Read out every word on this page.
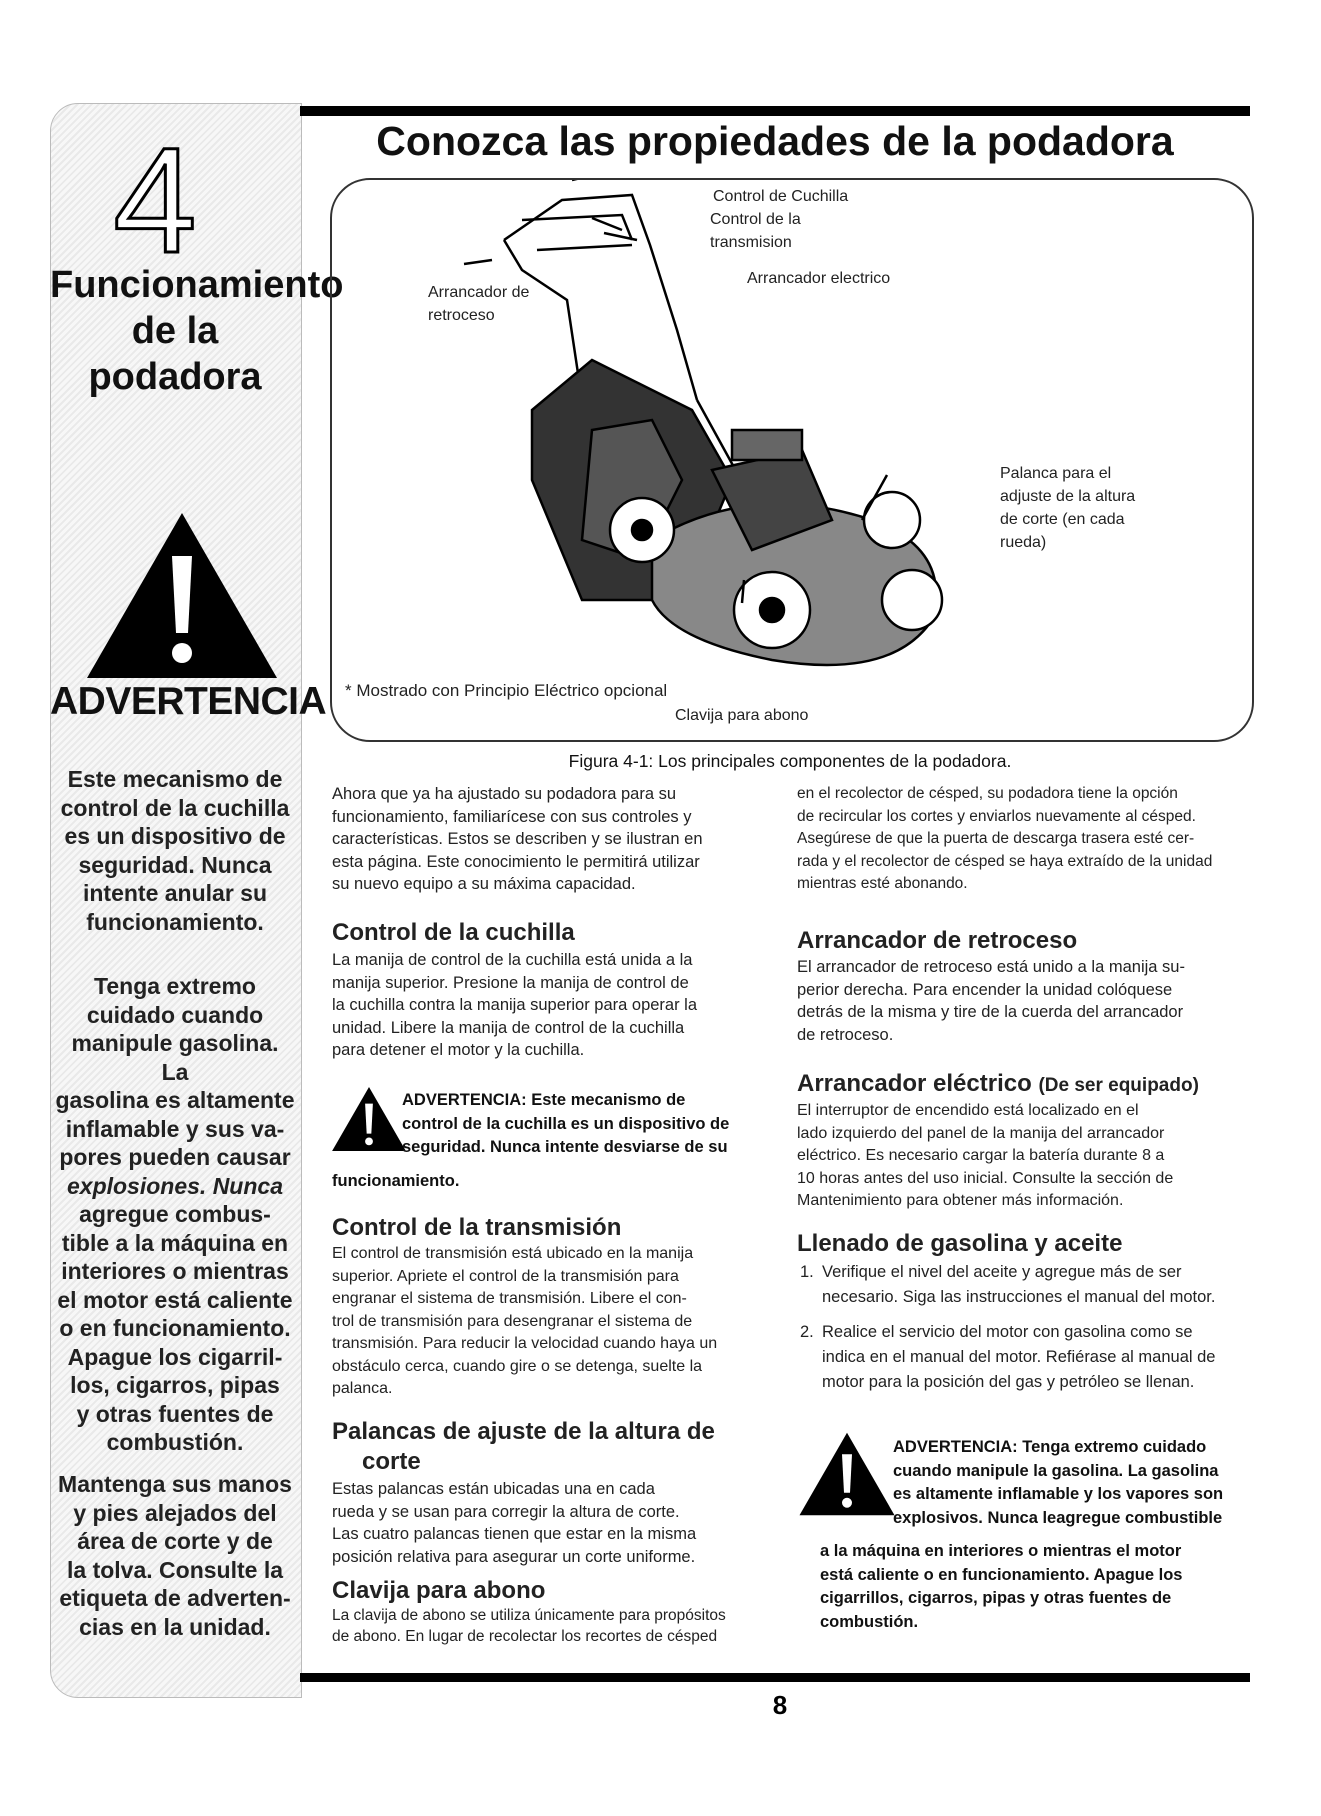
4
Funcionamiento
de la podadora
ADVERTENCIA
Este mecanismo de
control de la cuchilla
es un dispositivo de
seguridad. Nunca
intente anular su
funcionamiento.
Tenga extremo
cuidado cuando
manipule gasolina. La
gasolina es altamente
inflamable y sus va-
pores pueden causar
explosiones. Nunca
agregue combus-
tible a la máquina en
interiores o mientras
el motor está caliente
o en funcionamiento.
Apague los cigarril-
los, cigarros, pipas
y otras fuentes de
combustión.
Mantenga sus manos
y pies alejados del
área de corte y de
la tolva. Consulte la
etiqueta de adverten-
cias en la unidad.
Conozca las propiedades de la podadora
Control de Cuchilla
Control de la
transmision
Arrancador electrico
Arrancador de
retroceso
Palanca para el
adjuste de la altura
de corte (en cada
rueda)
* Mostrado con Principio Eléctrico opcional
Clavija para abono
Figura 4-1: Los principales componentes de la podadora.
Ahora que ya ha ajustado su podadora para su
funcionamiento, familiarícese con sus controles y
características. Estos se describen y se ilustran en
esta página. Este conocimiento le permitirá utilizar
su nuevo equipo a su máxima capacidad.
Control de la cuchilla
La manija de control de la cuchilla está unida a la
manija superior. Presione la manija de control de
la cuchilla contra la manija superior para operar la
unidad. Libere la manija de control de la cuchilla
para detener el motor y la cuchilla.
ADVERTENCIA: Este mecanismo de
control de la cuchilla es un dispositivo de
seguridad. Nunca intente desviarse de su
funcionamiento.
Control de la transmisión
El control de transmisión está ubicado en la manija
superior. Apriete el control de la transmisión para
engranar el sistema de transmisión. Libere el con-
trol de transmisión para desengranar el sistema de
transmisión. Para reducir la velocidad cuando haya un
obstáculo cerca, cuando gire o se detenga, suelte la
palanca.
Palancas de ajuste de la altura de
corte
Estas palancas están ubicadas una en cada
rueda y se usan para corregir la altura de corte.
Las cuatro palancas tienen que estar en la misma
posición relativa para asegurar un corte uniforme.
Clavija para abono
La clavija de abono se utiliza únicamente para propósitos
de abono. En lugar de recolectar los recortes de césped
en el recolector de césped, su podadora tiene la opción
de recircular los cortes y enviarlos nuevamente al césped.
Asegúrese de que la puerta de descarga trasera esté cer-
rada y el recolector de césped se haya extraído de la unidad
mientras esté abonando.
Arrancador de retroceso
El arrancador de retroceso está unido a la manija su-
perior derecha. Para encender la unidad colóquese
detrás de la misma y tire de la cuerda del arrancador
de retroceso.
Arrancador eléctrico (De ser equipado)
El interruptor de encendido está localizado en el
lado izquierdo del panel de la manija del arrancador
eléctrico. Es necesario cargar la batería durante 8 a
10 horas antes del uso inicial. Consulte la sección de
Mantenimiento para obtener más información.
Llenado de gasolina y aceite
1. Verifique el nivel del aceite y agregue más de ser
necesario. Siga las instrucciones el manual del motor.
2. Realice el servicio del motor con gasolina como se
indica en el manual del motor. Refiérase al manual de
motor para la posición del gas y petróleo se llenan.
ADVERTENCIA: Tenga extremo cuidado
cuando manipule la gasolina. La gasolina
es altamente inflamable y los vapores son
explosivos. Nunca leagregue combustible
a la máquina en interiores o mientras el motor
está caliente o en funcionamiento. Apague los
cigarrillos, cigarros, pipas y otras fuentes de
combustión.
8
